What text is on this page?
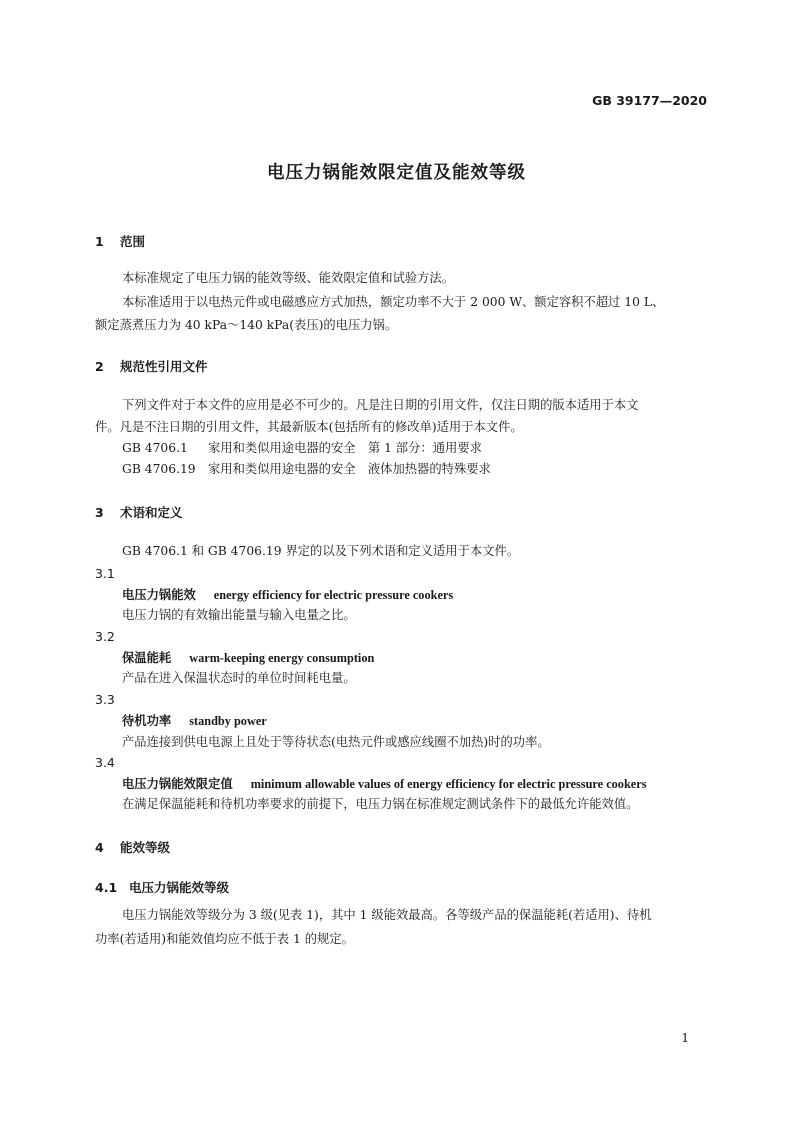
GB 39177—2020
电压力锅能效限定值及能效等级
1 范围
本标准规定了电压力锅的能效等级、能效限定值和试验方法。
本标准适用于以电热元件或电磁感应方式加热，额定功率不大于 2 000 W、额定容积不超过 10 L、
额定蒸煮压力为 40 kPa～140 kPa(表压)的电压力锅。
2 规范性引用文件
下列文件对于本文件的应用是必不可少的。凡是注日期的引用文件，仅注日期的版本适用于本文
件。凡是不注日期的引用文件，其最新版本(包括所有的修改单)适用于本文件。
GB 4706.1 家用和类似用途电器的安全　第 1 部分：通用要求
GB 4706.19 家用和类似用途电器的安全　液体加热器的特殊要求
3 术语和定义
GB 4706.1 和 GB 4706.19 界定的以及下列术语和定义适用于本文件。
3.1
电压力锅能效 energy efficiency for electric pressure cookers
电压力锅的有效输出能量与输入电量之比。
3.2
保温能耗 warm-keeping energy consumption
产品在进入保温状态时的单位时间耗电量。
3.3
待机功率 standby power
产品连接到供电电源上且处于等待状态(电热元件或感应线圈不加热)时的功率。
3.4
电压力锅能效限定值 minimum allowable values of energy efficiency for electric pressure cookers
在满足保温能耗和待机功率要求的前提下，电压力锅在标准规定测试条件下的最低允许能效值。
4 能效等级
4.1 电压力锅能效等级
电压力锅能效等级分为 3 级(见表 1)，其中 1 级能效最高。各等级产品的保温能耗(若适用)、待机
功率(若适用)和能效值均应不低于表 1 的规定。
1
